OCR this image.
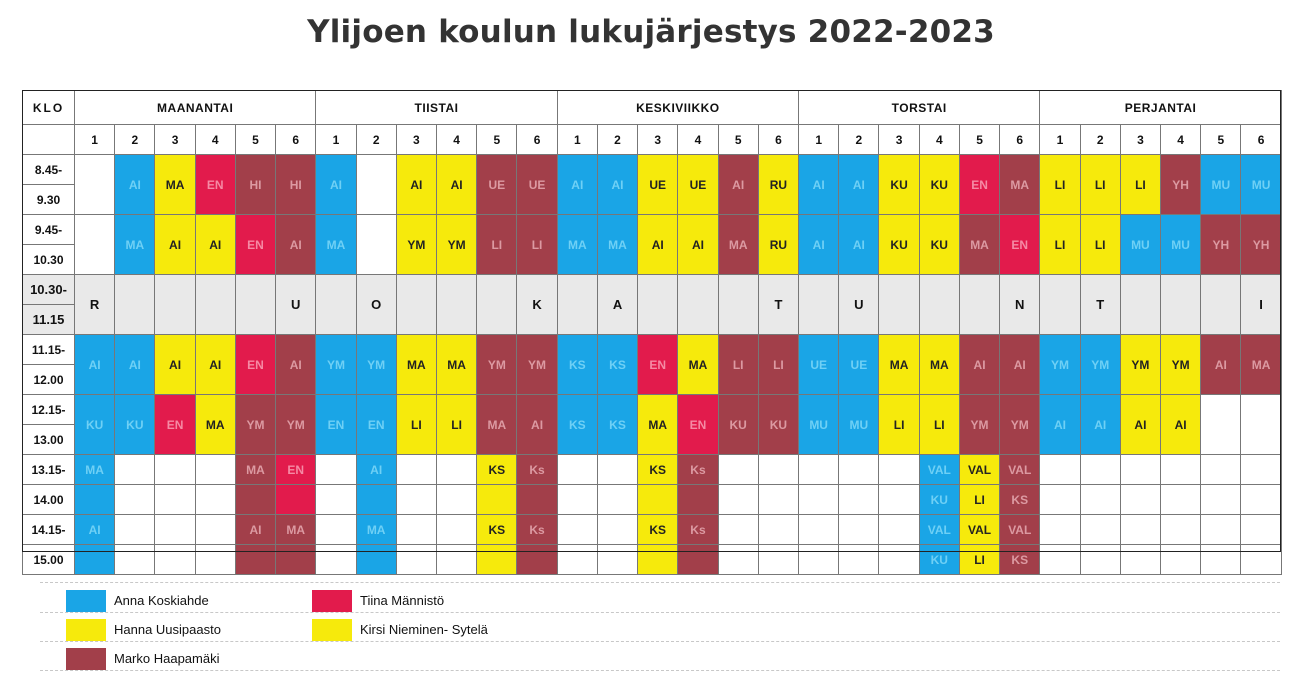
Ylijoen koulun lukujärjestys 2022-2023
KLO	MAANANTAI						TIISTAI						KESKIVIIKKO						TORSTAI						PERJANTAI					
	1	2	3	4	5	6	1	2	3	4	5	6	1	2	3	4	5	6	1	2	3	4	5	6	1	2	3	4	5	6
8.45-		AI	MA	EN	HI	HI	AI		AI	AI	UE	UE	AI	AI	UE	UE	AI	RU	AI	AI	KU	KU	EN	MA	LI	LI	LI	YH	MU	MU
9.30																														
9.45-		MA	AI	AI	EN	AI	MA		YM	YM	LI	LI	MA	MA	AI	AI	MA	RU	AI	AI	KU	KU	MA	EN	LI	LI	MU	MU	YH	YH
10.30																														
10.30-	R					U		O				K		A				T		U				N		T				I
11.15																														
11.15-	AI	AI	AI	AI	EN	AI	YM	YM	MA	MA	YM	YM	KS	KS	EN	MA	LI	LI	UE	UE	MA	MA	AI	AI	YM	YM	YM	YM	AI	MA
12.00																														
12.15-	KU	KU	EN	MA	YM	YM	EN	EN	LI	LI	MA	AI	KS	KS	MA	EN	KU	KU	MU	MU	LI	LI	YM	YM	AI	AI	AI	AI		
13.00																														
13.15-	MA				MA	EN		AI			KS	Ks			KS	Ks						VAL	VAL	VAL						
14.00																						KU	LI	KS						
14.15-	AI				AI	MA		MA			KS	Ks			KS	Ks						VAL	VAL	VAL						
15.00																						KU	LI	KS						
Anna Koskiahde	Tiina Männistö
Hanna Uusipaasto	Kirsi Nieminen- Sytelä
Marko Haapamäki
